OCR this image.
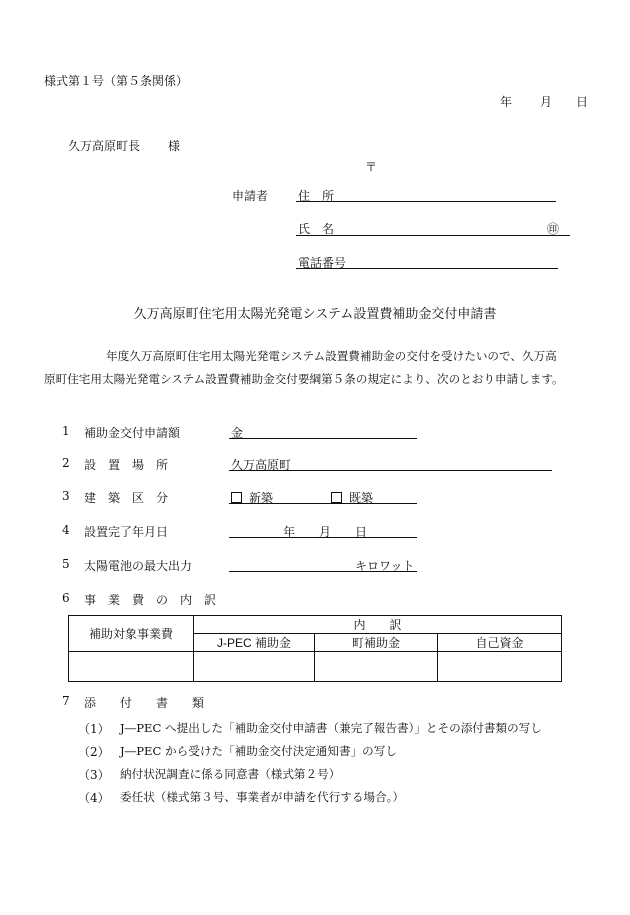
様式第１号（第５条関係）
年 月 日
久万高原町長 様
〒
申請者 住　所
氏　名	㊞
電話番号
久万高原町住宅用太陽光発電システム設置費補助金交付申請書
年度久万高原町住宅用太陽光発電システム設置費補助金の交付を受けたいので、久万高
原町住宅用太陽光発電システム設置費補助金交付要綱第５条の規定により、次のとおり申請します。
1 補助金交付申請額	金
2 設　置　場　所	久万高原町
3 建　築　区　分	新築	既築
4 設置完了年月日	年 月 日
5 太陽電池の最大出力	キロワット
6 事　業　費　の　内　訳
補助対象事業費	内　　訳		
	J-PEC 補助金	町補助金	自己資金

7 添　　付　　書　　類
（1） J―PEC へ提出した「補助金交付申請書（兼完了報告書）」とその添付書類の写し
（2） J―PEC から受けた「補助金交付決定通知書」の写し
（3） 納付状況調査に係る同意書（様式第２号）
（4） 委任状（様式第３号、事業者が申請を代行する場合。）
